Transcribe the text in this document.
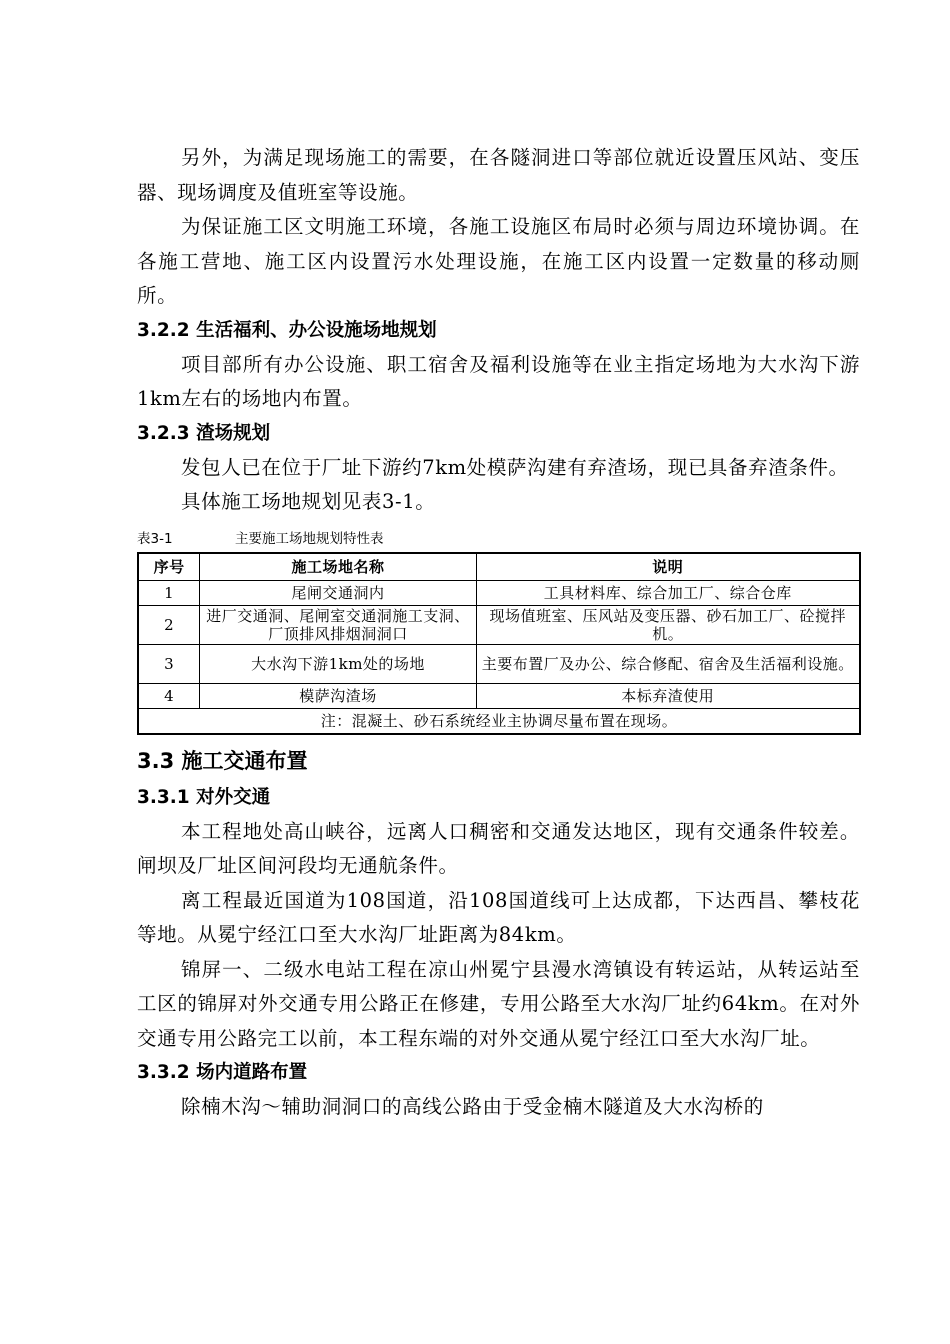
另外，为满足现场施工的需要，在各隧洞进口等部位就近设置压风站、变压器、现场调度及值班室等设施。

为保证施工区文明施工环境，各施工设施区布局时必须与周边环境协调。在各施工营地、施工区内设置污水处理设施，在施工区内设置一定数量的移动厕所。

3.2.2 生活福利、办公设施场地规划

项目部所有办公设施、职工宿舍及福利设施等在业主指定场地为大水沟下游1km左右的场地内布置。

3.2.3 渣场规划

发包人已在位于厂址下游约7km处模萨沟建有弃渣场，现已具备弃渣条件。

具体施工场地规划见表3-1。

表3-1	主要施工场地规划特性表
序号	施工场地名称	说明
1	尾闸交通洞内	工具材料库、综合加工厂、综合仓库
2	进厂交通洞、尾闸室交通洞施工支洞、厂顶排风排烟洞洞口	现场值班室、压风站及变压器、砂石加工厂、砼搅拌机。
3	大水沟下游1km处的场地	主要布置厂及办公、综合修配、宿舍及生活福利设施。
4	模萨沟渣场	本标弃渣使用
注：混凝土、砂石系统经业主协调尽量布置在现场。		
3.3 施工交通布置
3.3.1 对外交通

本工程地处高山峡谷，远离人口稠密和交通发达地区，现有交通条件较差。闸坝及厂址区间河段均无通航条件。

离工程最近国道为108国道，沿108国道线可上达成都，下达西昌、攀枝花等地。从冕宁经江口至大水沟厂址距离为84km。

锦屏一、二级水电站工程在凉山州冕宁县漫水湾镇设有转运站，从转运站至工区的锦屏对外交通专用公路正在修建，专用公路至大水沟厂址约64km。在对外交通专用公路完工以前，本工程东端的对外交通从冕宁经江口至大水沟厂址。

3.3.2 场内道路布置

除楠木沟～辅助洞洞口的高线公路由于受金楠木隧道及大水沟桥的
